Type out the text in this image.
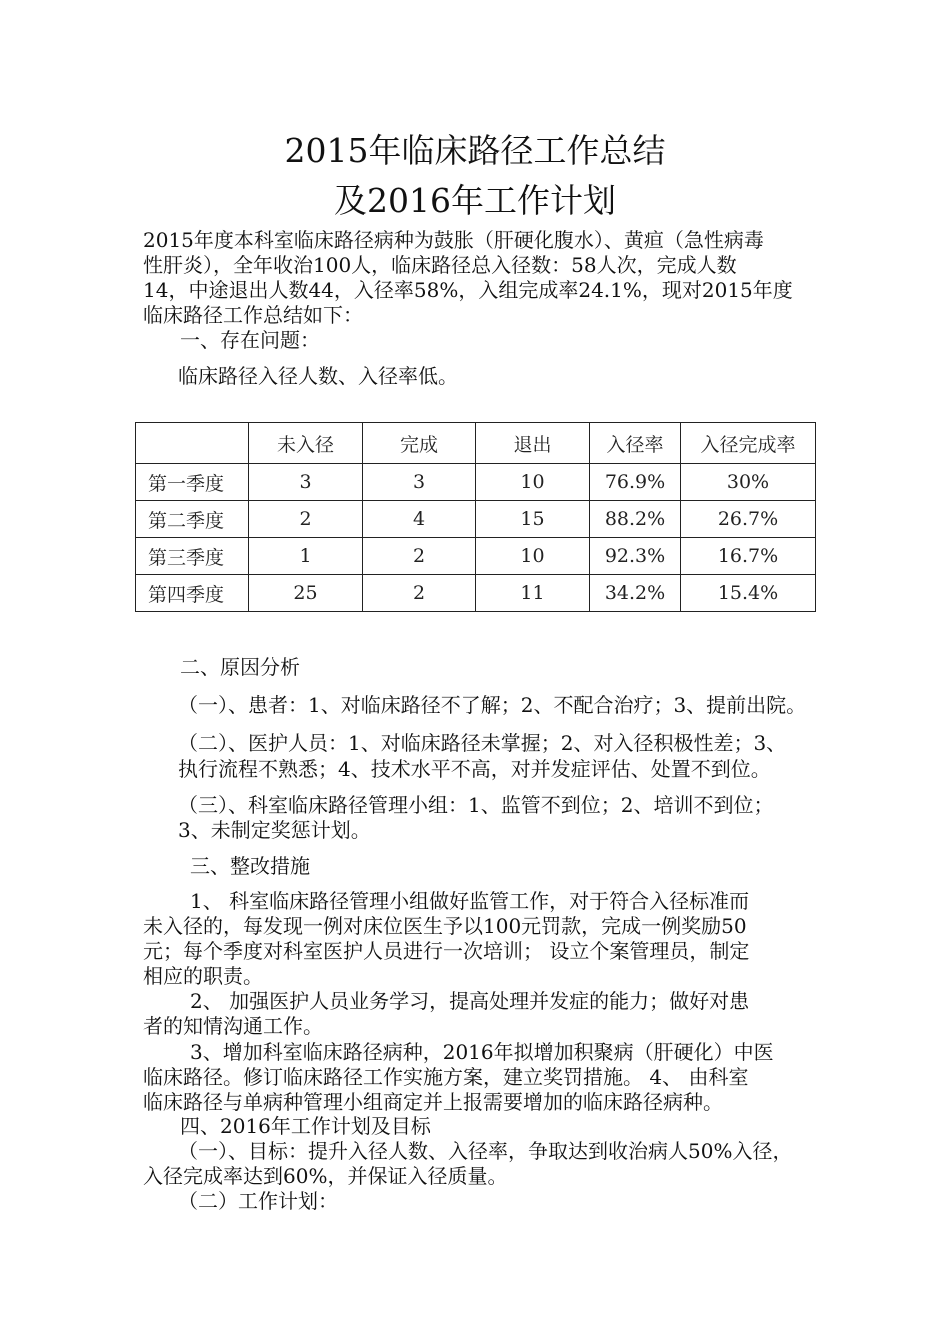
2015年临床路径工作总结
及2016年工作计划
2015年度本科室临床路径病种为鼓胀（肝硬化腹水）、黄疸（急性病毒
性肝炎），全年收治100人，临床路径总入径数：58人次，完成人数
14，中途退出人数44，入径率58%，入组完成率24.1%，现对2015年度
临床路径工作总结如下：
一、存在问题：
临床路径入径人数、入径率低。
	未入径	完成	退出	入径率	入径完成率
第一季度	3	3	10	76.9%	30%
第二季度	2	4	15	88.2%	26.7%
第三季度	1	2	10	92.3%	16.7%
第四季度	25	2	11	34.2%	15.4%
二、原因分析
（一）、患者：1、对临床路径不了解；2、不配合治疗；3、提前出院。
（二）、医护人员：1、对临床路径未掌握；2、对入径积极性差；3、
执行流程不熟悉；4、技术水平不高，对并发症评估、处置不到位。
（三）、科室临床路径管理小组：1、监管不到位；2、培训不到位；
3、未制定奖惩计划。
三、整改措施
1、 科室临床路径管理小组做好监管工作，对于符合入径标准而
未入径的，每发现一例对床位医生予以100元罚款，完成一例奖励50
元；每个季度对科室医护人员进行一次培训； 设立个案管理员，制定
相应的职责。
2、 加强医护人员业务学习，提高处理并发症的能力；做好对患
者的知情沟通工作。
3、增加科室临床路径病种，2016年拟增加积聚病（肝硬化）中医
临床路径。修订临床路径工作实施方案，建立奖罚措施。 4、 由科室
临床路径与单病种管理小组商定并上报需要增加的临床路径病种。
四、2016年工作计划及目标
（一）、目标：提升入径人数、入径率，争取达到收治病人50%入径，
入径完成率达到60%，并保证入径质量。
（二）工作计划：
